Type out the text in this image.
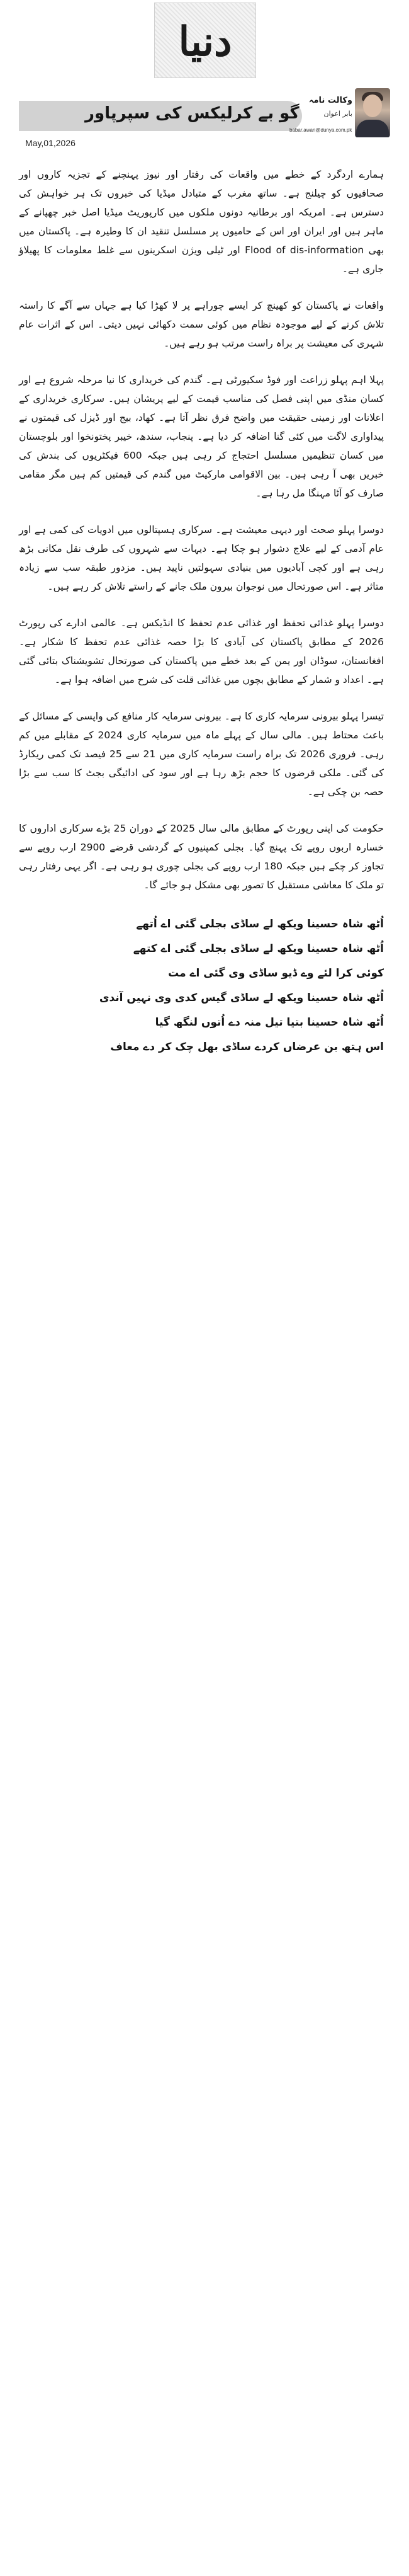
دنیا
گو بے کرلیکس کی سپرپاور
May,01,2026
وکالت نامہ
بابر اعوان
babar.awan@dunya.com.pk

ہمارے اردگرد کے خطے میں واقعات کی رفتار اور نیوز پہنچنے کے تجزیہ کاروں اور صحافیوں کو چیلنج ہے۔ ساتھ مغرب کے متبادل میڈیا کی خبروں تک ہر خواہش کی دسترس ہے۔ امریکہ اور برطانیہ دونوں ملکوں میں کارپوریٹ میڈیا اصل خبر چھپانے کے ماہر ہیں اور ایران اور اس کے حامیوں پر مسلسل تنقید ان کا وطیرہ ہے۔ پاکستان میں بھی Flood of dis-information اور ٹیلی ویژن اسکرینوں سے غلط معلومات کا پھیلاؤ جاری ہے۔

واقعات نے پاکستان کو کھینچ کر ایسے چوراہے پر لا کھڑا کیا ہے جہاں سے آگے کا راستہ تلاش کرنے کے لیے موجودہ نظام میں کوئی سمت دکھائی نہیں دیتی۔ اس کے اثرات عام شہری کی معیشت پر براہ راست مرتب ہو رہے ہیں۔

پہلا اہم پہلو زراعت اور فوڈ سکیورٹی ہے۔ گندم کی خریداری کا نیا مرحلہ شروع ہے اور کسان منڈی میں اپنی فصل کی مناسب قیمت کے لیے پریشان ہیں۔ سرکاری خریداری کے اعلانات اور زمینی حقیقت میں واضح فرق نظر آتا ہے۔ کھاد، بیج اور ڈیزل کی قیمتوں نے پیداواری لاگت میں کئی گنا اضافہ کر دیا ہے۔ پنجاب، سندھ، خیبر پختونخوا اور بلوچستان میں کسان تنظیمیں مسلسل احتجاج کر رہی ہیں جبکہ 600 فیکٹریوں کی بندش کی خبریں بھی آ رہی ہیں۔ بین الاقوامی مارکیٹ میں گندم کی قیمتیں کم ہیں مگر مقامی صارف کو آٹا مہنگا مل رہا ہے۔

دوسرا پہلو صحت اور دیہی معیشت ہے۔ سرکاری ہسپتالوں میں ادویات کی کمی ہے اور عام آدمی کے لیے علاج دشوار ہو چکا ہے۔ دیہات سے شہروں کی طرف نقل مکانی بڑھ رہی ہے اور کچی آبادیوں میں بنیادی سہولتیں ناپید ہیں۔ مزدور طبقہ سب سے زیادہ متاثر ہے۔ اس صورتحال میں نوجوان بیرون ملک جانے کے راستے تلاش کر رہے ہیں۔

دوسرا پہلو غذائی تحفظ اور غذائی عدم تحفظ کا انڈیکس ہے۔ عالمی ادارے کی رپورٹ 2026 کے مطابق پاکستان کی آبادی کا بڑا حصہ غذائی عدم تحفظ کا شکار ہے۔ افغانستان، سوڈان اور یمن کے بعد خطے میں پاکستان کی صورتحال تشویشناک بتائی گئی ہے۔ اعداد و شمار کے مطابق بچوں میں غذائی قلت کی شرح میں اضافہ ہوا ہے۔

تیسرا پہلو بیرونی سرمایہ کاری کا ہے۔ بیرونی سرمایہ کار منافع کی واپسی کے مسائل کے باعث محتاط ہیں۔ مالی سال کے پہلے ماہ میں سرمایہ کاری 2024 کے مقابلے میں کم رہی۔ فروری 2026 تک براہ راست سرمایہ کاری میں 21 سے 25 فیصد تک کمی ریکارڈ کی گئی۔ ملکی قرضوں کا حجم بڑھ رہا ہے اور سود کی ادائیگی بجٹ کا سب سے بڑا حصہ بن چکی ہے۔

حکومت کی اپنی رپورٹ کے مطابق مالی سال 2025 کے دوران 25 بڑے سرکاری اداروں کا خسارہ اربوں روپے تک پہنچ گیا۔ بجلی کمپنیوں کے گردشی قرضے 2900 ارب روپے سے تجاوز کر چکے ہیں جبکہ 180 ارب روپے کی بجلی چوری ہو رہی ہے۔ اگر یہی رفتار رہی تو ملک کا معاشی مستقبل کا تصور بھی مشکل ہو جائے گا۔

اُٹھ شاہ حسینا ویکھ لے ساڈی بجلی گئی اے اُتھے
اُٹھ شاہ حسینا ویکھ لے ساڈی بجلی گئی اے کتھے
کوئی کرا لئے وے ڈیو ساڈی وی گئی اے مت
اُٹھ شاہ حسینا ویکھ لے ساڈی گیس کدی وی نہیں آندی
اُٹھ شاہ حسینا بتیا تیل منہ دے اُتوں لنگھ گیا
اس ہتھ بن عرضاں کردے ساڈی بھل چک کر دے معاف
